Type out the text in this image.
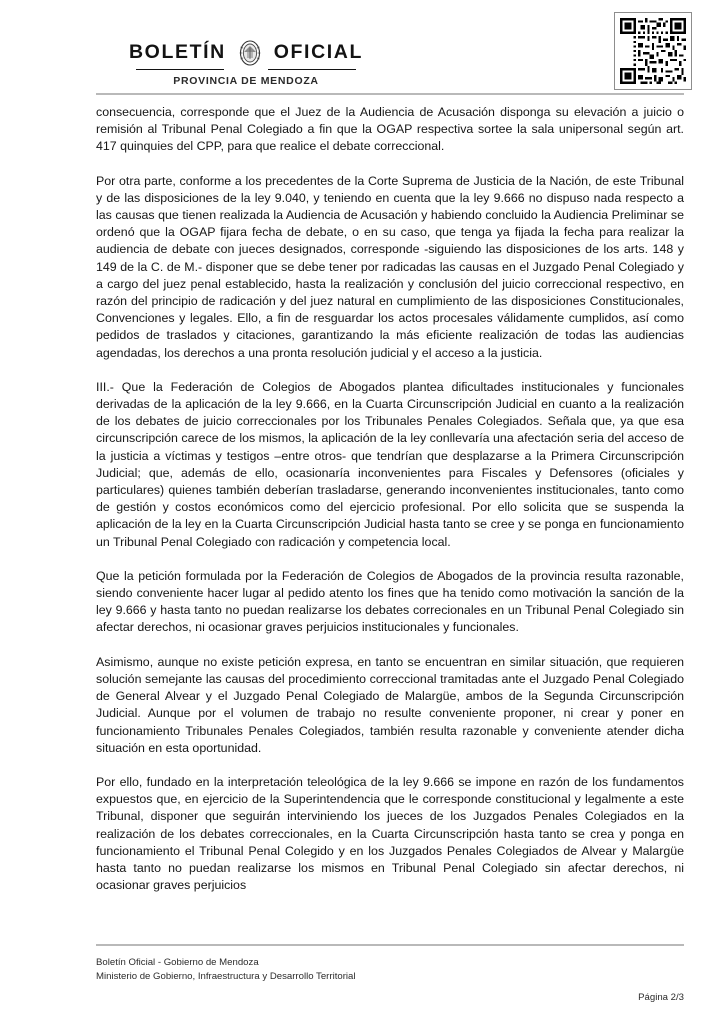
BOLETÍN OFICIAL
PROVINCIA DE MENDOZA

consecuencia, corresponde que el Juez de la Audiencia de Acusación disponga su elevación a juicio o remisión al Tribunal Penal Colegiado a fin que la OGAP respectiva sortee la sala unipersonal según art. 417 quinquies del CPP, para que realice el debate correccional.

Por otra parte, conforme a los precedentes de la Corte Suprema de Justicia de la Nación, de este Tribunal y de las disposiciones de la ley 9.040, y teniendo en cuenta que la ley 9.666 no dispuso nada respecto a las causas que tienen realizada la Audiencia de Acusación y habiendo concluido la Audiencia Preliminar se ordenó que la OGAP fijara fecha de debate, o en su caso, que tenga ya fijada la fecha para realizar la audiencia de debate con jueces designados, corresponde -siguiendo las disposiciones de los arts. 148 y 149 de la C. de M.- disponer que se debe tener por radicadas las causas en el Juzgado Penal Colegiado y a cargo del juez penal establecido, hasta la realización y conclusión del juicio correccional respectivo, en razón del principio de radicación y del juez natural en cumplimiento de las disposiciones Constitucionales, Convenciones y legales. Ello, a fin de resguardar los actos procesales válidamente cumplidos, así como pedidos de traslados y citaciones, garantizando la más eficiente realización de todas las audiencias agendadas, los derechos a una pronta resolución judicial y el acceso a la justicia.

III.- Que la Federación de Colegios de Abogados plantea dificultades institucionales y funcionales derivadas de la aplicación de la ley 9.666, en la Cuarta Circunscripción Judicial en cuanto a la realización de los debates de juicio correccionales por los Tribunales Penales Colegiados. Señala que, ya que esa circunscripción carece de los mismos, la aplicación de la ley conllevaría una afectación seria del acceso de la justicia a víctimas y testigos –entre otros- que tendrían que desplazarse a la Primera Circunscripción Judicial; que, además de ello, ocasionaría inconvenientes para Fiscales y Defensores (oficiales y particulares) quienes también deberían trasladarse, generando inconvenientes institucionales, tanto como de gestión y costos económicos como del ejercicio profesional. Por ello solicita que se suspenda la aplicación de la ley en la Cuarta Circunscripción Judicial hasta tanto se cree y se ponga en funcionamiento un Tribunal Penal Colegiado con radicación y competencia local.

Que la petición formulada por la Federación de Colegios de Abogados de la provincia resulta razonable, siendo conveniente hacer lugar al pedido atento los fines que ha tenido como motivación la sanción de la ley 9.666 y hasta tanto no puedan realizarse los debates correcionales en un Tribunal Penal Colegiado sin afectar derechos, ni ocasionar graves perjuicios institucionales y funcionales.

Asimismo, aunque no existe petición expresa, en tanto se encuentran en similar situación, que requieren solución semejante las causas del procedimiento correccional tramitadas ante el Juzgado Penal Colegiado de General Alvear y el Juzgado Penal Colegiado de Malargüe, ambos de la Segunda Circunscripción Judicial. Aunque por el volumen de trabajo no resulte conveniente proponer, ni crear y poner en funcionamiento Tribunales Penales Colegiados, también resulta razonable y conveniente atender dicha situación en esta oportunidad.

Por ello, fundado en la interpretación teleológica de la ley 9.666 se impone en razón de los fundamentos expuestos que, en ejercicio de la Superintendencia que le corresponde constitucional y legalmente a este Tribunal, disponer que seguirán interviniendo los jueces de los Juzgados Penales Colegiados en la realización de los debates correccionales, en la Cuarta Circunscripción hasta tanto se crea y ponga en funcionamiento el Tribunal Penal Colegido y en los Juzgados Penales Colegiados de Alvear y Malargüe hasta tanto no puedan realizarse los mismos en Tribunal Penal Colegiado sin afectar derechos, ni ocasionar graves perjuicios

Boletín Oficial - Gobierno de Mendoza
Ministerio de Gobierno, Infraestructura y Desarrollo Territorial
Página 2/3
